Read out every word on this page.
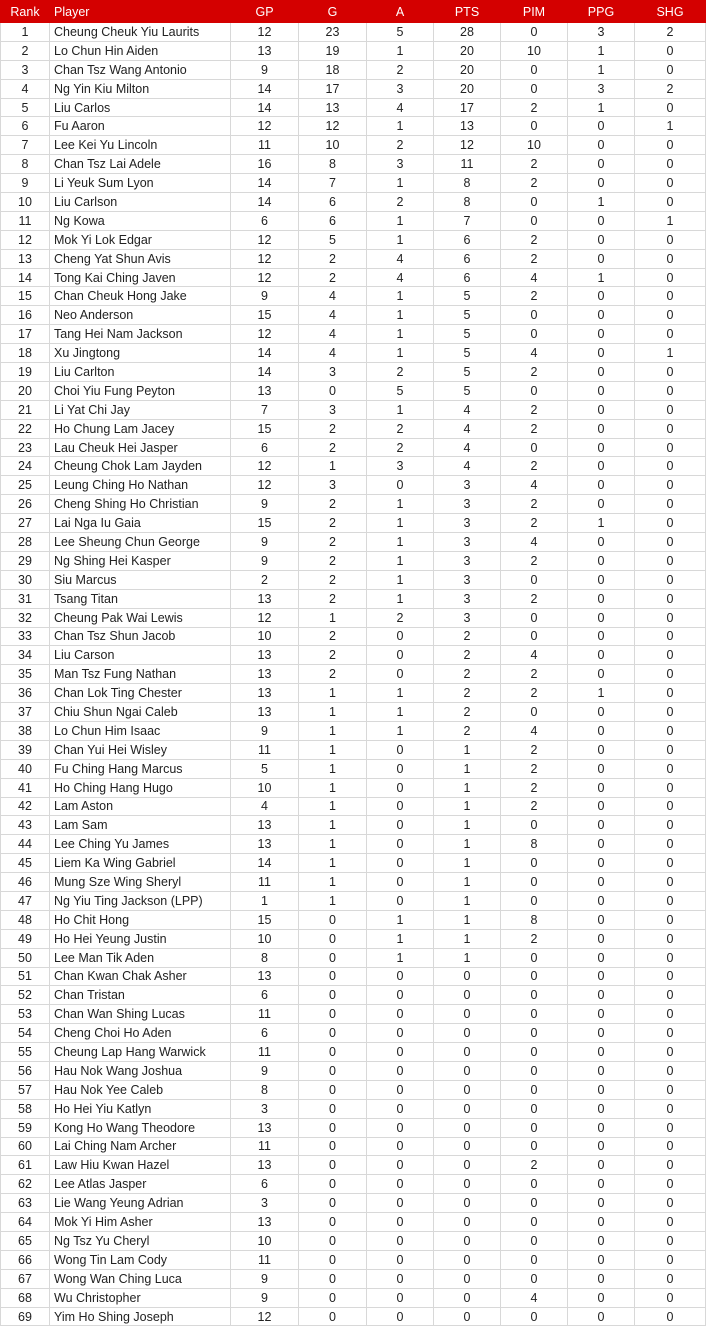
Rank	Player	GP	G	A	PTS	PIM	PPG	SHG
1	Cheung Cheuk Yiu Laurits	12	23	5	28	0	3	2
2	Lo Chun Hin Aiden	13	19	1	20	10	1	0
3	Chan Tsz Wang Antonio	9	18	2	20	0	1	0
4	Ng Yin Kiu Milton	14	17	3	20	0	3	2
5	Liu Carlos	14	13	4	17	2	1	0
6	Fu Aaron	12	12	1	13	0	0	1
7	Lee Kei Yu Lincoln	11	10	2	12	10	0	0
8	Chan Tsz Lai Adele	16	8	3	11	2	0	0
9	Li Yeuk Sum Lyon	14	7	1	8	2	0	0
10	Liu Carlson	14	6	2	8	0	1	0
11	Ng Kowa	6	6	1	7	0	0	1
12	Mok Yi Lok Edgar	12	5	1	6	2	0	0
13	Cheng Yat Shun Avis	12	2	4	6	2	0	0
14	Tong Kai Ching Javen	12	2	4	6	4	1	0
15	Chan Cheuk Hong Jake	9	4	1	5	2	0	0
16	Neo Anderson	15	4	1	5	0	0	0
17	Tang Hei Nam Jackson	12	4	1	5	0	0	0
18	Xu Jingtong	14	4	1	5	4	0	1
19	Liu Carlton	14	3	2	5	2	0	0
20	Choi Yiu Fung Peyton	13	0	5	5	0	0	0
21	Li Yat Chi Jay	7	3	1	4	2	0	0
22	Ho Chung Lam Jacey	15	2	2	4	2	0	0
23	Lau Cheuk Hei Jasper	6	2	2	4	0	0	0
24	Cheung Chok Lam Jayden	12	1	3	4	2	0	0
25	Leung Ching Ho Nathan	12	3	0	3	4	0	0
26	Cheng Shing Ho Christian	9	2	1	3	2	0	0
27	Lai Nga Iu Gaia	15	2	1	3	2	1	0
28	Lee Sheung Chun George	9	2	1	3	4	0	0
29	Ng Shing Hei Kasper	9	2	1	3	2	0	0
30	Siu Marcus	2	2	1	3	0	0	0
31	Tsang Titan	13	2	1	3	2	0	0
32	Cheung Pak Wai Lewis	12	1	2	3	0	0	0
33	Chan Tsz Shun Jacob	10	2	0	2	0	0	0
34	Liu Carson	13	2	0	2	4	0	0
35	Man Tsz Fung Nathan	13	2	0	2	2	0	0
36	Chan Lok Ting Chester	13	1	1	2	2	1	0
37	Chiu Shun Ngai Caleb	13	1	1	2	0	0	0
38	Lo Chun Him Isaac	9	1	1	2	4	0	0
39	Chan Yui Hei Wisley	11	1	0	1	2	0	0
40	Fu Ching Hang Marcus	5	1	0	1	2	0	0
41	Ho Ching Hang Hugo	10	1	0	1	2	0	0
42	Lam Aston	4	1	0	1	2	0	0
43	Lam Sam	13	1	0	1	0	0	0
44	Lee Ching Yu James	13	1	0	1	8	0	0
45	Liem Ka Wing Gabriel	14	1	0	1	0	0	0
46	Mung Sze Wing Sheryl	11	1	0	1	0	0	0
47	Ng Yiu Ting Jackson (LPP)	1	1	0	1	0	0	0
48	Ho Chit Hong	15	0	1	1	8	0	0
49	Ho Hei Yeung Justin	10	0	1	1	2	0	0
50	Lee Man Tik Aden	8	0	1	1	0	0	0
51	Chan Kwan Chak Asher	13	0	0	0	0	0	0
52	Chan Tristan	6	0	0	0	0	0	0
53	Chan Wan Shing Lucas	11	0	0	0	0	0	0
54	Cheng Choi Ho Aden	6	0	0	0	0	0	0
55	Cheung Lap Hang Warwick	11	0	0	0	0	0	0
56	Hau Nok Wang Joshua	9	0	0	0	0	0	0
57	Hau Nok Yee Caleb	8	0	0	0	0	0	0
58	Ho Hei Yiu Katlyn	3	0	0	0	0	0	0
59	Kong Ho Wang Theodore	13	0	0	0	0	0	0
60	Lai Ching Nam Archer	11	0	0	0	0	0	0
61	Law Hiu Kwan Hazel	13	0	0	0	2	0	0
62	Lee Atlas Jasper	6	0	0	0	0	0	0
63	Lie Wang Yeung Adrian	3	0	0	0	0	0	0
64	Mok Yi Him Asher	13	0	0	0	0	0	0
65	Ng Tsz Yu Cheryl	10	0	0	0	0	0	0
66	Wong Tin Lam Cody	11	0	0	0	0	0	0
67	Wong Wan Ching Luca	9	0	0	0	0	0	0
68	Wu Christopher	9	0	0	0	4	0	0
69	Yim Ho Shing Joseph	12	0	0	0	0	0	0
